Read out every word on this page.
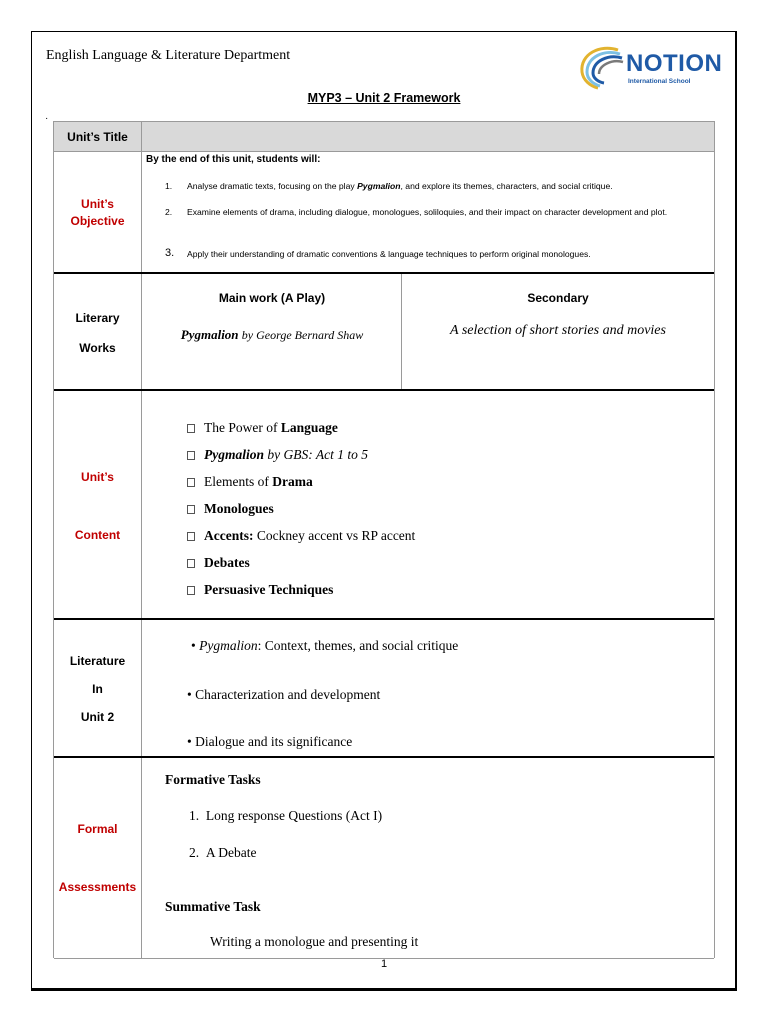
English Language & Literature Department	NOTION
International School
MYP3 – Unit 2 Framework
·
Unit’s Title
Unit’s
Objective
By the end of this unit, students will:
1. Analyse dramatic texts, focusing on the play Pygmalion, and explore its themes, characters, and social critique.
2. Examine elements of drama, including dialogue, monologues, soliloquies, and their impact on character development and plot.
3. Apply their understanding of dramatic conventions & language techniques to perform original monologues.
Literary
Works
Main work (A Play)
Pygmalion by George Bernard Shaw
Secondary
A selection of short stories and movies
Unit’s
Content
The Power of Language
Pygmalion by GBS: Act 1 to 5
Elements of Drama
Monologues
Accents: Cockney accent vs RP accent
Debates
Persuasive Techniques
Literature
In
Unit 2
• Pygmalion: Context, themes, and social critique
• Characterization and development
• Dialogue and its significance
Formal
Assessments
Formative Tasks
1. Long response Questions (Act I)
2. A Debate
Summative Task
Writing a monologue and presenting it
1
